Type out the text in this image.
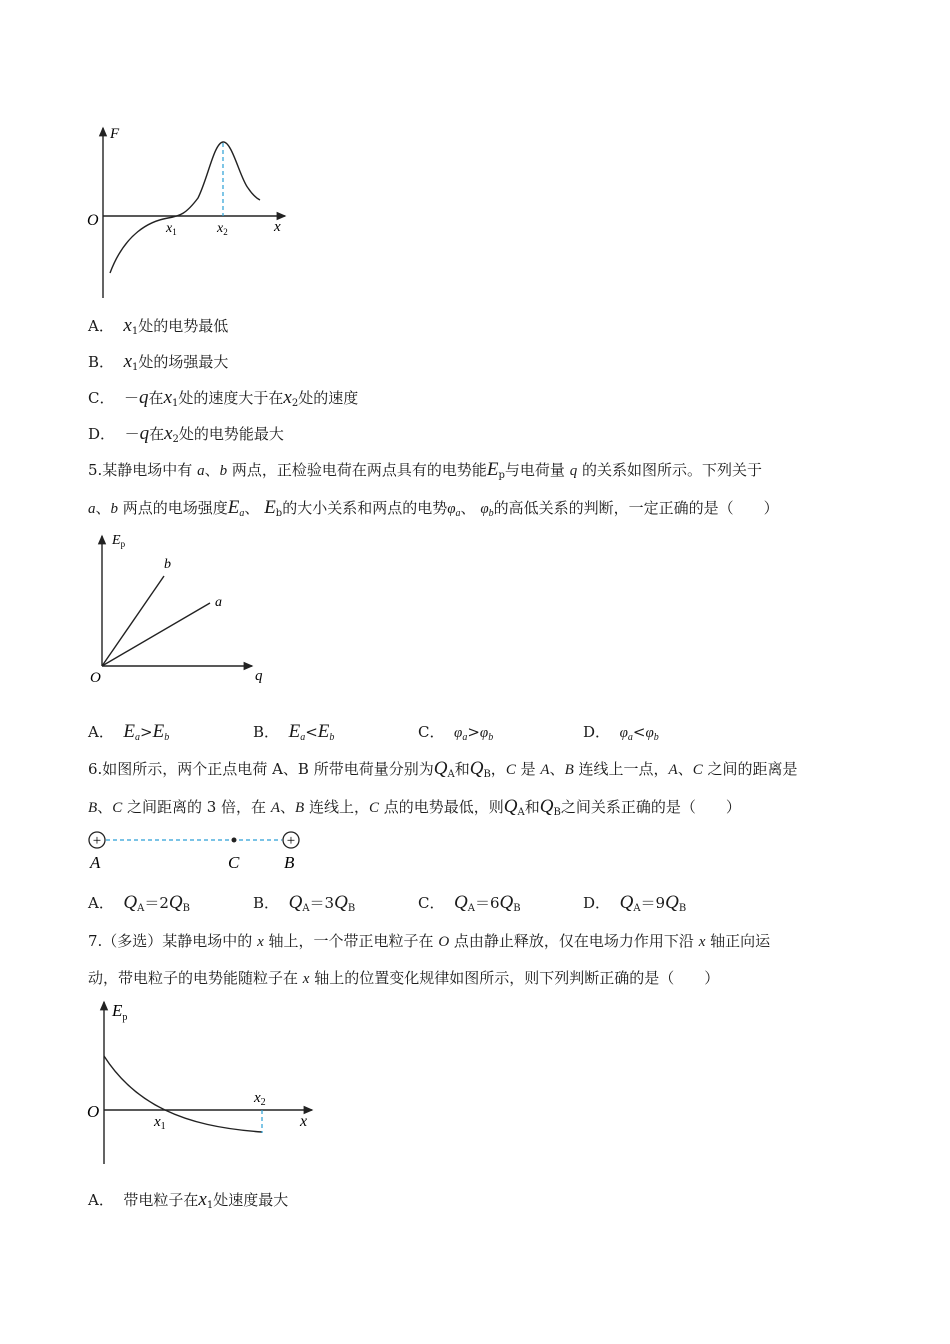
F
O	x
$x_1$	$x_2$
A． $x_1$处的电势最低
B． $x_1$处的场强最大
C． －q在$x_1$处的速度大于在$x_2$处的速度
D． －q在$x_2$处的电势能最大
5.某静电场中有 a、b 两点，正检验电荷在两点具有的电势能$E_p$与电荷量 q 的关系如图所示。下列关于
a、b 两点的电场强度$E_a$、 $E_b$的大小关系和两点的电势$\varphi_a$、 $\varphi_b$的高低关系的判断，一定正确的是（　　）
$E_p$
O	q
b
a
A． $E_a>E_b$	B． $E_a<E_b$	C． $\varphi_a>\varphi_b$	D． $\varphi_a<\varphi_b$
6.如图所示，两个正点电荷 A、B 所带电荷量分别为$Q_A$和$Q_B$，C 是 A、B 连线上一点，A、C 之间的距离是
B、C 之间距离的 3 倍，在 A、B 连线上，C 点的电势最低，则$Q_A$和$Q_B$之间关系正确的是（　　）
+	+
A	C	B
A． $Q_A=2Q_B$	B． $Q_A=3Q_B$	C． $Q_A=6Q_B$	D． $Q_A=9Q_B$
7.（多选）某静电场中的 x 轴上，一个带正电粒子在 O 点由静止释放，仅在电场力作用下沿 x 轴正向运
动，带电粒子的电势能随粒子在 x 轴上的位置变化规律如图所示，则下列判断正确的是（　　）
$E_p$
O
x
$x_1$
$x_2$
A． 带电粒子在$x_1$处速度最大
